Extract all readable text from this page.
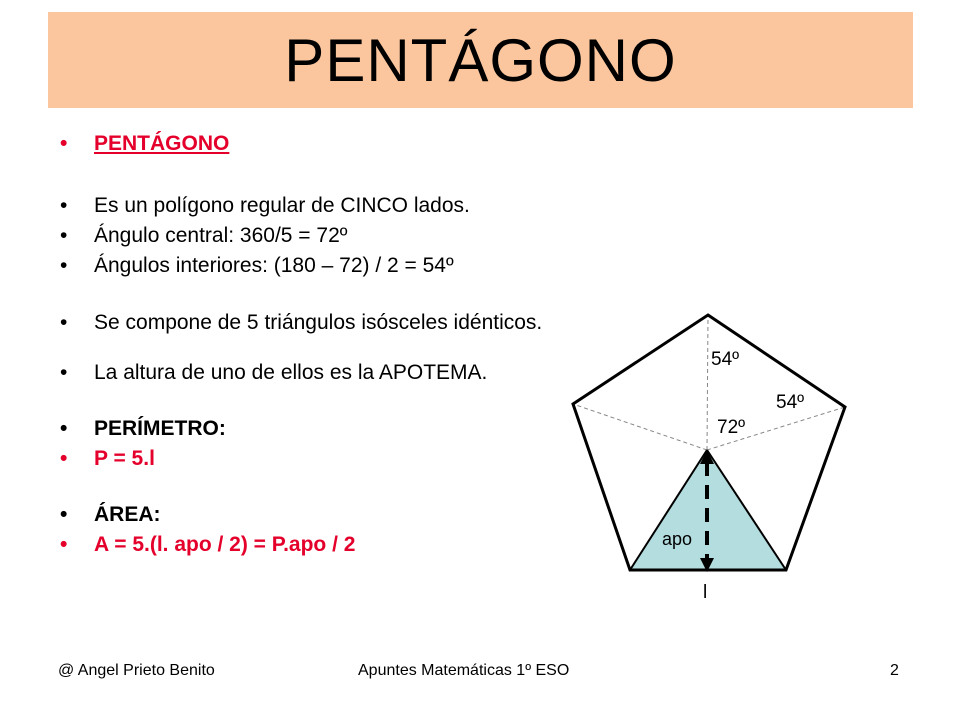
PENTÁGONO
• PENTÁGONO
• Es un polígono regular de CINCO lados.
• Ángulo central: 360/5 = 72º
• Ángulos interiores: (180 – 72) / 2 = 54º
• Se compone de 5 triángulos isósceles idénticos.
• La altura de uno de ellos es la APOTEMA.
• PERÍMETRO:
• P = 5.l
• ÁREA:
• A = 5.(l. apo / 2) = P.apo / 2
54º
54º
72º
apo
l
@ Angel Prieto Benito	Apuntes Matemáticas 1º ESO	2
